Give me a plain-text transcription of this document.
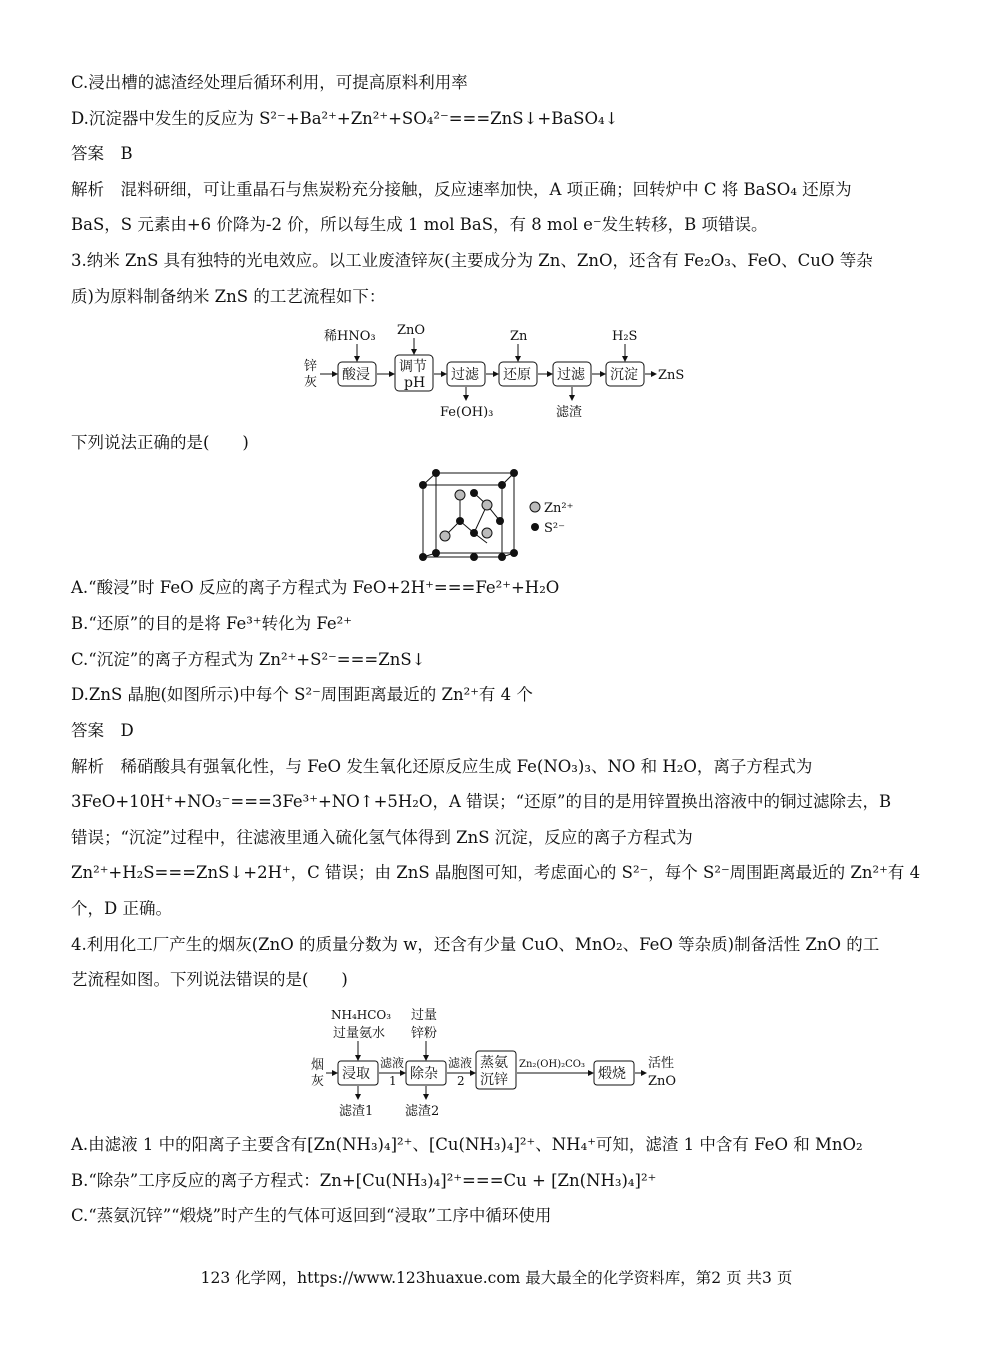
C.浸出槽的滤渣经处理后循环利用，可提高原料利用率
D.沉淀器中发生的反应为 S²⁻+Ba²⁺+Zn²⁺+SO₄²⁻===ZnS↓+BaSO₄↓
答案　B
解析　混料研细，可让重晶石与焦炭粉充分接触，反应速率加快，A 项正确；回转炉中 C 将 BaSO₄ 还原为
BaS，S 元素由+6 价降为-2 价，所以每生成 1 mol BaS，有 8 mol e⁻发生转移，B 项错误。
3.纳米 ZnS 具有独特的光电效应。以工业废渣锌灰(主要成分为 Zn、ZnO，还含有 Fe₂O₃、FeO、CuO 等杂
质)为原料制备纳米 ZnS 的工艺流程如下：
锌
灰 酸浸
稀HNO₃
调节
pH
ZnO
过滤
Fe(OH)₃
还原
Zn
过滤
滤渣
沉淀
H₂S
ZnS
下列说法正确的是(　　)
Zn²⁺
S²⁻
A.“酸浸”时 FeO 反应的离子方程式为 FeO+2H⁺===Fe²⁺+H₂O
B.“还原”的目的是将 Fe³⁺转化为 Fe²⁺
C.“沉淀”的离子方程式为 Zn²⁺+S²⁻===ZnS↓
D.ZnS 晶胞(如图所示)中每个 S²⁻周围距离最近的 Zn²⁺有 4 个
答案　D
解析　稀硝酸具有强氧化性，与 FeO 发生氧化还原反应生成 Fe(NO₃)₃、NO 和 H₂O，离子方程式为
3FeO+10H⁺+NO₃⁻===3Fe³⁺+NO↑+5H₂O，A 错误；“还原”的目的是用锌置换出溶液中的铜过滤除去，B
错误；“沉淀”过程中，往滤液里通入硫化氢气体得到 ZnS 沉淀，反应的离子方程式为
Zn²⁺+H₂S===ZnS↓+2H⁺，C 错误；由 ZnS 晶胞图可知，考虑面心的 S²⁻，每个 S²⁻周围距离最近的 Zn²⁺有 4
个，D 正确。
4.利用化工厂产生的烟灰(ZnO 的质量分数为 w，还含有少量 CuO、MnO₂、FeO 等杂质)制备活性 ZnO 的工
艺流程如图。下列说法错误的是(　　)
NH₄HCO₃
过量氨水
过量
锌粉
烟
灰 浸取
滤液
1
滤渣1
除杂
滤渣2
滤液
2
蒸氨
沉锌
Zn₂(OH)₂CO₃
煅烧
活性
ZnO
A.由滤液 1 中的阳离子主要含有[Zn(NH₃)₄]²⁺、[Cu(NH₃)₄]²⁺、NH₄⁺可知，滤渣 1 中含有 FeO 和 MnO₂
B.“除杂”工序反应的离子方程式：Zn+[Cu(NH₃)₄]²⁺===Cu + [Zn(NH₃)₄]²⁺
C.“蒸氨沉锌”“煅烧”时产生的气体可返回到“浸取”工序中循环使用
123 化学网，https://www.123huaxue.com 最大最全的化学资料库，第2 页 共3 页
